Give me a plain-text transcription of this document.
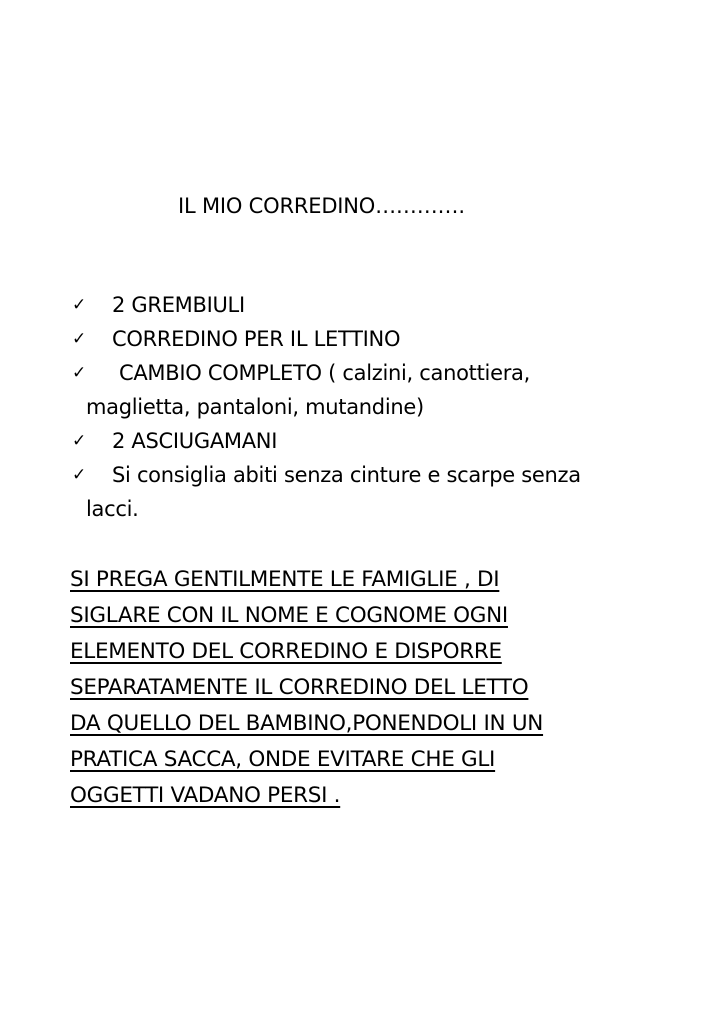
IL MIO CORREDINO………….
✓	2 GREMBIULI
✓	CORREDINO PER IL LETTINO
✓	CAMBIO COMPLETO ( calzini, canottiera,
maglietta, pantaloni, mutandine)
✓	2 ASCIUGAMANI
✓	Si consiglia abiti senza cinture e scarpe senza
lacci.

SI PREGA GENTILMENTE LE FAMIGLIE , DI
SIGLARE CON IL NOME E COGNOME OGNI
ELEMENTO DEL CORREDINO E DISPORRE
SEPARATAMENTE IL CORREDINO DEL LETTO
DA QUELLO DEL BAMBINO,PONENDOLI IN UN
PRATICA SACCA, ONDE EVITARE CHE GLI
OGGETTI VADANO PERSI .
